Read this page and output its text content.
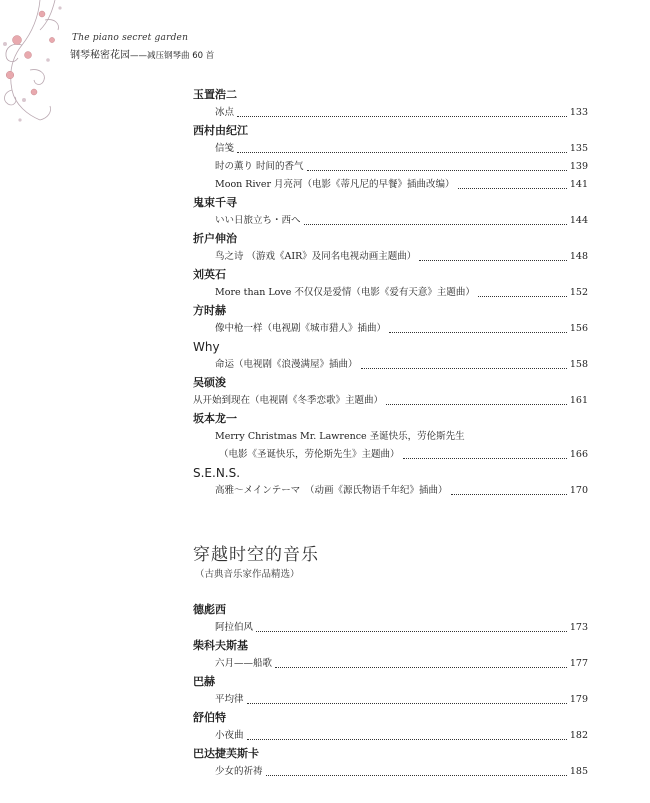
The piano secret garden
钢琴秘密花园——减压钢琴曲 60 首
玉置浩二
冰点	133
西村由纪江
信笺	135
时の薫り 时间的香气	139
Moon River 月亮河（电影《蒂凡尼的早餐》插曲改编）	141
鬼束千寻
いい日旅立ち・西へ	144
折户伸治
鸟之诗 （游戏《AIR》及同名电视动画主题曲）	148
刘英石
More than Love 不仅仅是爱情（电影《爱有天意》主题曲）	152
方时赫
像中枪一样（电视剧《城市猎人》插曲）	156
Why
命运（电视剧《浪漫满屋》插曲）	158
吴硕浚
从开始到现在（电视剧《冬季恋歌》主题曲）	161
坂本龙一
Merry Christmas Mr. Lawrence 圣诞快乐，劳伦斯先生
（电影《圣诞快乐，劳伦斯先生》主题曲）	166
S.E.N.S.
高雅～メインテーマ　（动画《源氏物语千年纪》插曲）	170
穿越时空的音乐
（古典音乐家作品精选）
德彪西
阿拉伯风	173
柴科夫斯基
六月——船歌	177
巴赫
平均律	179
舒伯特
小夜曲	182
巴达捷芙斯卡
少女的祈祷	185
